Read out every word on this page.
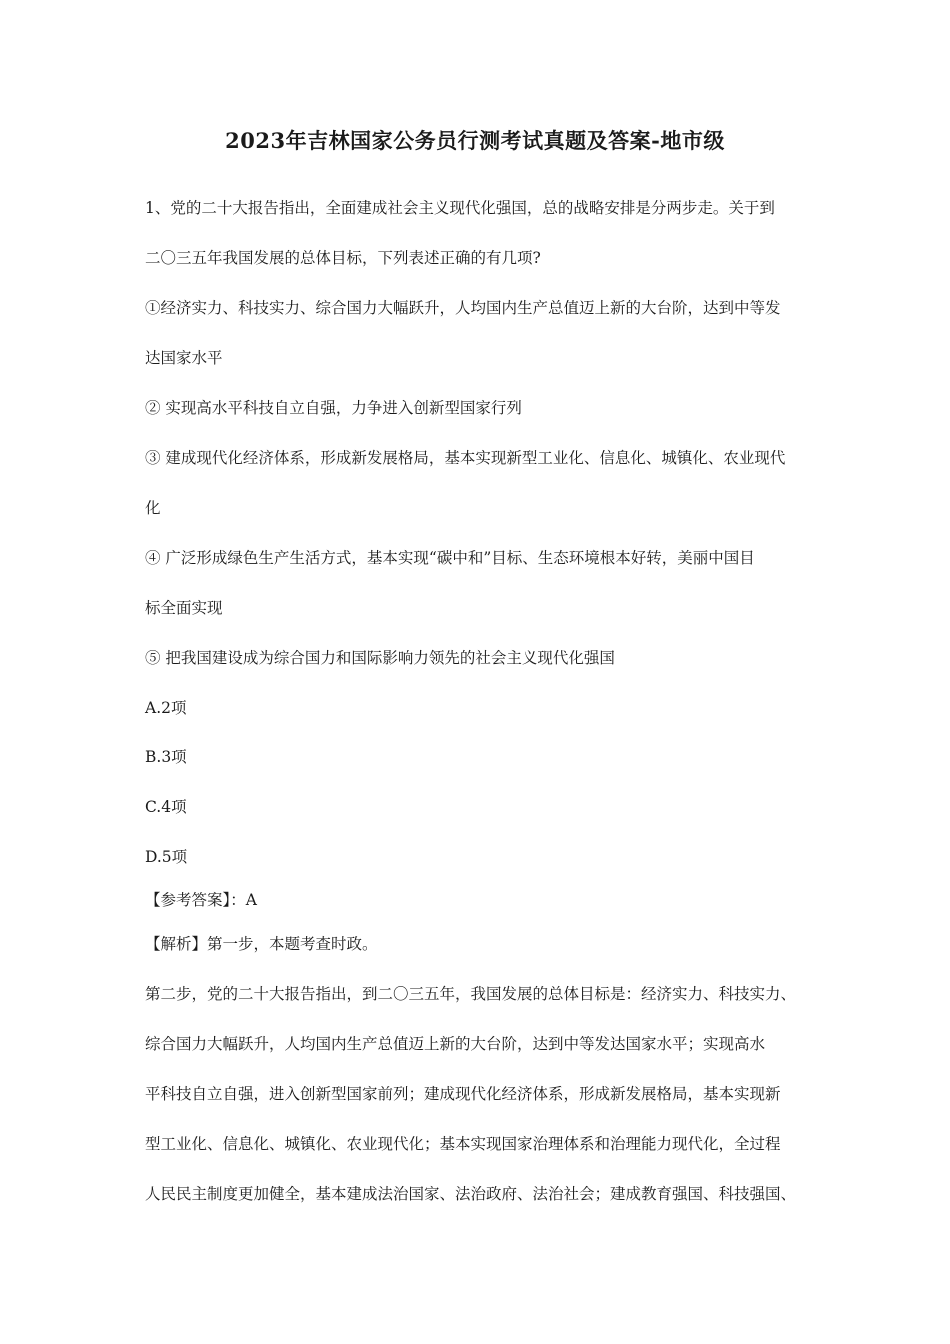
2023年吉林国家公务员行测考试真题及答案-地市级
1、党的二十大报告指出，全面建成社会主义现代化强国，总的战略安排是分两步走。关于到
二〇三五年我国发展的总体目标，下列表述正确的有几项?
①经济实力、科技实力、综合国力大幅跃升，人均国内生产总值迈上新的大台阶，达到中等发
达国家水平
② 实现高水平科技自立自强，力争进入创新型国家行列
③ 建成现代化经济体系，形成新发展格局，基本实现新型工业化、信息化、城镇化、农业现代
化
④ 广泛形成绿色生产生活方式，基本实现“碳中和”目标、生态环境根本好转，美丽中国目
标全面实现
⑤ 把我国建设成为综合国力和国际影响力领先的社会主义现代化强国
A.2项
B.3项
C.4项
D.5项
【参考答案】：A
【解析】第一步，本题考查时政。
第二步，党的二十大报告指出，到二〇三五年，我国发展的总体目标是：经济实力、科技实力、
综合国力大幅跃升，人均国内生产总值迈上新的大台阶，达到中等发达国家水平；实现高水
平科技自立自强，进入创新型国家前列；建成现代化经济体系，形成新发展格局，基本实现新
型工业化、信息化、城镇化、农业现代化；基本实现国家治理体系和治理能力现代化，全过程
人民民主制度更加健全，基本建成法治国家、法治政府、法治社会；建成教育强国、科技强国、
